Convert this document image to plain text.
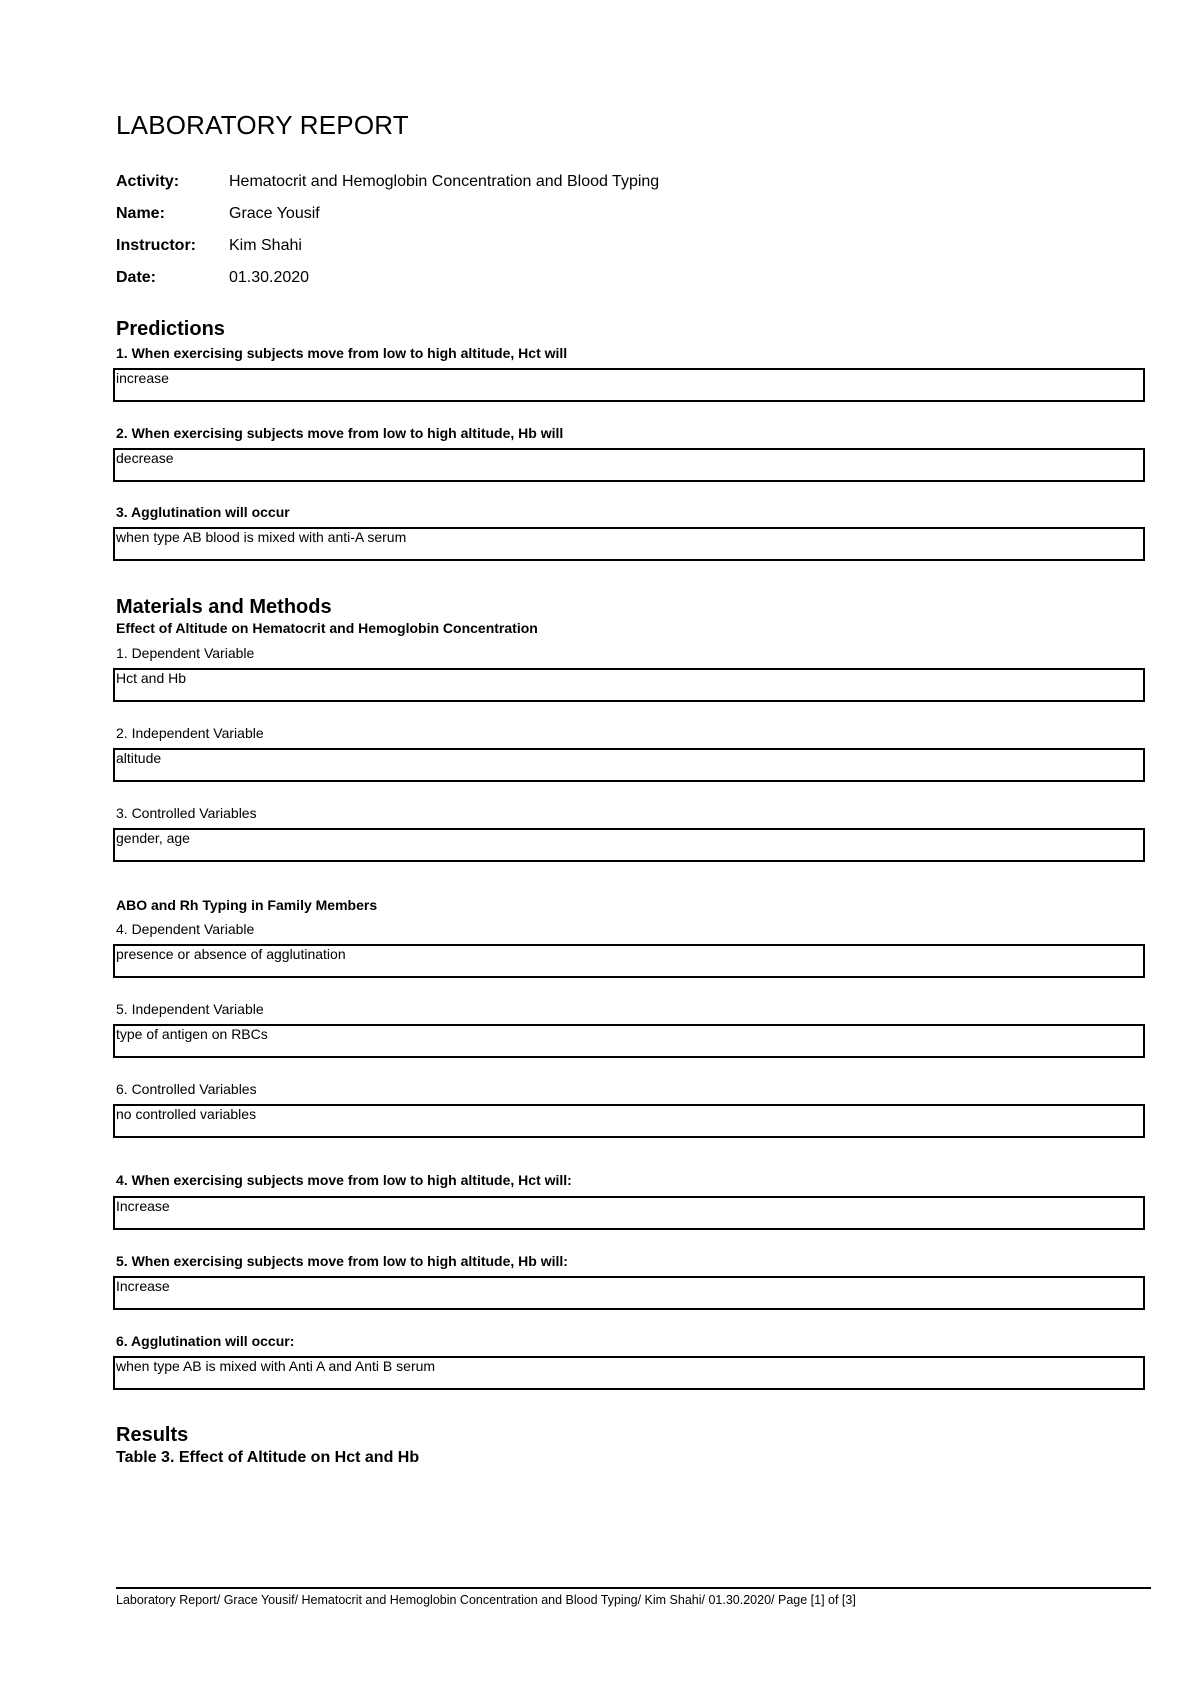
LABORATORY REPORT
Activity:	Hematocrit and Hemoglobin Concentration and Blood Typing
Name:	Grace Yousif
Instructor: Kim Shahi
Date:	01.30.2020
Predictions
1. When exercising subjects move from low to high altitude, Hct will
increase
2. When exercising subjects move from low to high altitude, Hb will
decrease
3. Agglutination will occur
when type AB blood is mixed with anti-A serum
Materials and Methods
Effect of Altitude on Hematocrit and Hemoglobin Concentration
1. Dependent Variable
Hct and Hb
2. Independent Variable
altitude
3. Controlled Variables
gender, age
ABO and Rh Typing in Family Members
4. Dependent Variable
presence or absence of agglutination
5. Independent Variable
type of antigen on RBCs
6. Controlled Variables
no controlled variables
4. When exercising subjects move from low to high altitude, Hct will:
Increase
5. When exercising subjects move from low to high altitude, Hb will:
Increase
6. Agglutination will occur:
when type AB is mixed with Anti A and Anti B serum
Results
Table 3. Effect of Altitude on Hct and Hb
Laboratory Report/ Grace Yousif/ Hematocrit and Hemoglobin Concentration and Blood Typing/ Kim Shahi/ 01.30.2020/ Page [1] of [3]
